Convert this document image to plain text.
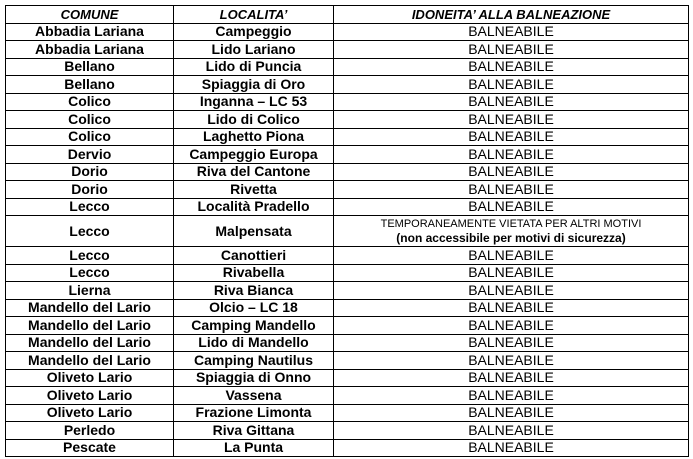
COMUNE	LOCALITA’	IDONEITA’ ALLA BALNEAZIONE
Abbadia Lariana	Campeggio	BALNEABILE
Abbadia Lariana	Lido Lariano	BALNEABILE
Bellano	Lido di Puncia	BALNEABILE
Bellano	Spiaggia di Oro	BALNEABILE
Colico	Inganna – LC 53	BALNEABILE
Colico	Lido di Colico	BALNEABILE
Colico	Laghetto Piona	BALNEABILE
Dervio	Campeggio Europa	BALNEABILE
Dorio	Riva del Cantone	BALNEABILE
Dorio	Rivetta	BALNEABILE
Lecco	Località Pradello	BALNEABILE
Lecco	Malpensata	TEMPORANEAMENTE VIETATA PER ALTRI MOTIVI
(non accessibile per motivi di sicurezza)

Lecco	Canottieri	BALNEABILE
Lecco	Rivabella	BALNEABILE
Lierna	Riva Bianca	BALNEABILE
Mandello del Lario	Olcio – LC 18	BALNEABILE
Mandello del Lario	Camping Mandello	BALNEABILE
Mandello del Lario	Lido di Mandello	BALNEABILE
Mandello del Lario	Camping Nautilus	BALNEABILE
Oliveto Lario	Spiaggia di Onno	BALNEABILE
Oliveto Lario	Vassena	BALNEABILE
Oliveto Lario	Frazione Limonta	BALNEABILE
Perledo	Riva Gittana	BALNEABILE
Pescate	La Punta	BALNEABILE
